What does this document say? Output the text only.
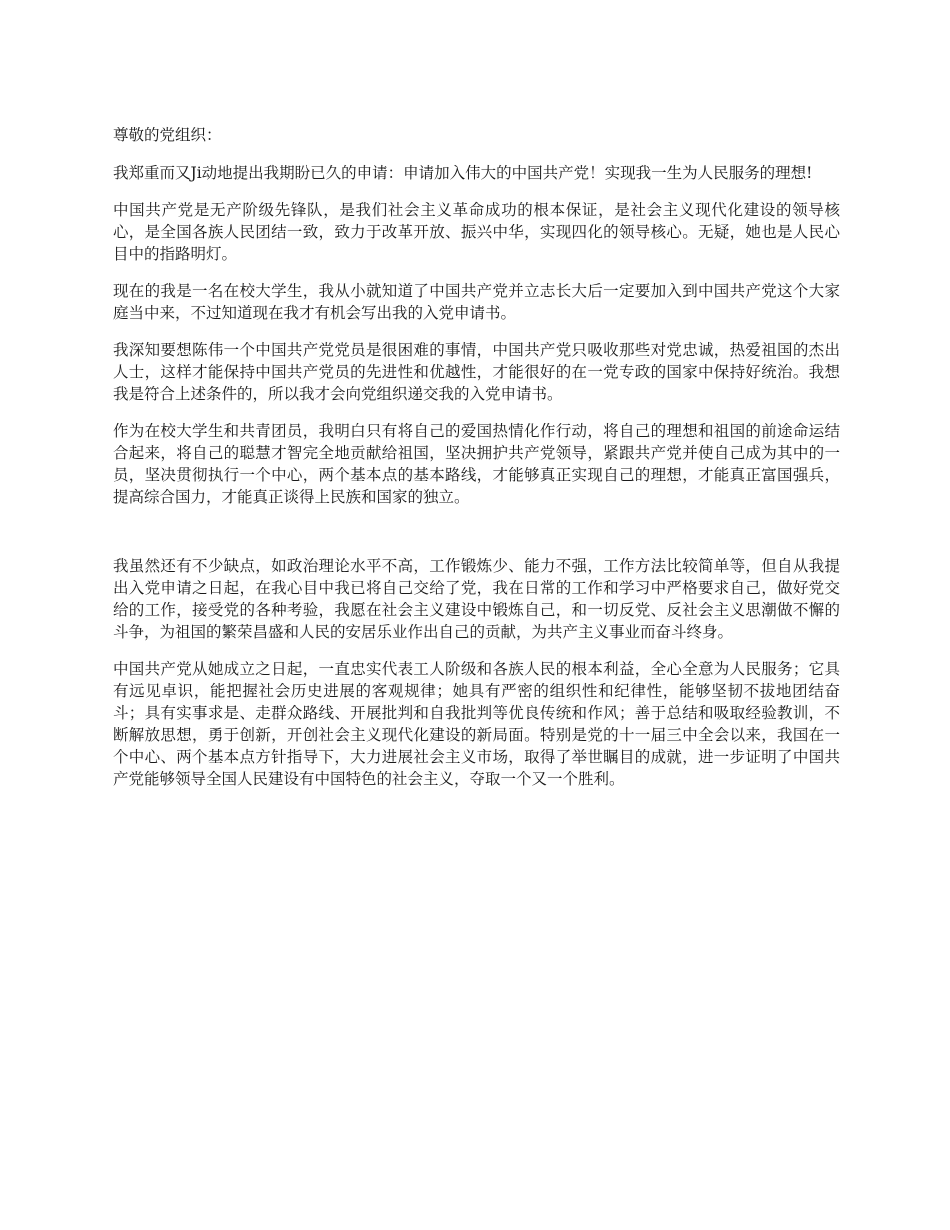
尊敬的党组织：

我郑重而又Ji动地提出我期盼已久的申请：申请加入伟大的中国共产党！实现我一生为人民服务的理想!

中国共产党是无产阶级先锋队，是我们社会主义革命成功的根本保证，是社会主义现代化建设的领导核心，是全国各族人民团结一致，致力于改革开放、振兴中华，实现四化的领导核心。无疑，她也是人民心目中的指路明灯。

现在的我是一名在校大学生，我从小就知道了中国共产党并立志长大后一定要加入到中国共产党这个大家庭当中来，不过知道现在我才有机会写出我的入党申请书。

我深知要想陈伟一个中国共产党党员是很困难的事情，中国共产党只吸收那些对党忠诚，热爱祖国的杰出人士，这样才能保持中国共产党员的先进性和优越性，才能很好的在一党专政的国家中保持好统治。我想我是符合上述条件的，所以我才会向党组织递交我的入党申请书。

作为在校大学生和共青团员，我明白只有将自己的爱国热情化作行动，将自己的理想和祖国的前途命运结合起来，将自己的聪慧才智完全地贡献给祖国，坚决拥护共产党领导，紧跟共产党并使自己成为其中的一员，坚决贯彻执行一个中心，两个基本点的基本路线，才能够真正实现自己的理想，才能真正富国强兵，提高综合国力，才能真正谈得上民族和国家的独立。

我虽然还有不少缺点，如政治理论水平不高，工作锻炼少、能力不强，工作方法比较简单等，但自从我提出入党申请之日起，在我心目中我已将自己交给了党，我在日常的工作和学习中严格要求自己，做好党交给的工作，接受党的各种考验，我愿在社会主义建设中锻炼自己，和一切反党、反社会主义思潮做不懈的斗争，为祖国的繁荣昌盛和人民的安居乐业作出自己的贡献，为共产主义事业而奋斗终身。

中国共产党从她成立之日起，一直忠实代表工人阶级和各族人民的根本利益，全心全意为人民服务；它具有远见卓识，能把握社会历史进展的客观规律；她具有严密的组织性和纪律性，能够坚韧不拔地团结奋斗；具有实事求是、走群众路线、开展批判和自我批判等优良传统和作风；善于总结和吸取经验教训，不断解放思想，勇于创新，开创社会主义现代化建设的新局面。特别是党的十一届三中全会以来，我国在一个中心、两个基本点方针指导下，大力进展社会主义市场，取得了举世瞩目的成就，进一步证明了中国共产党能够领导全国人民建设有中国特色的社会主义，夺取一个又一个胜利。
